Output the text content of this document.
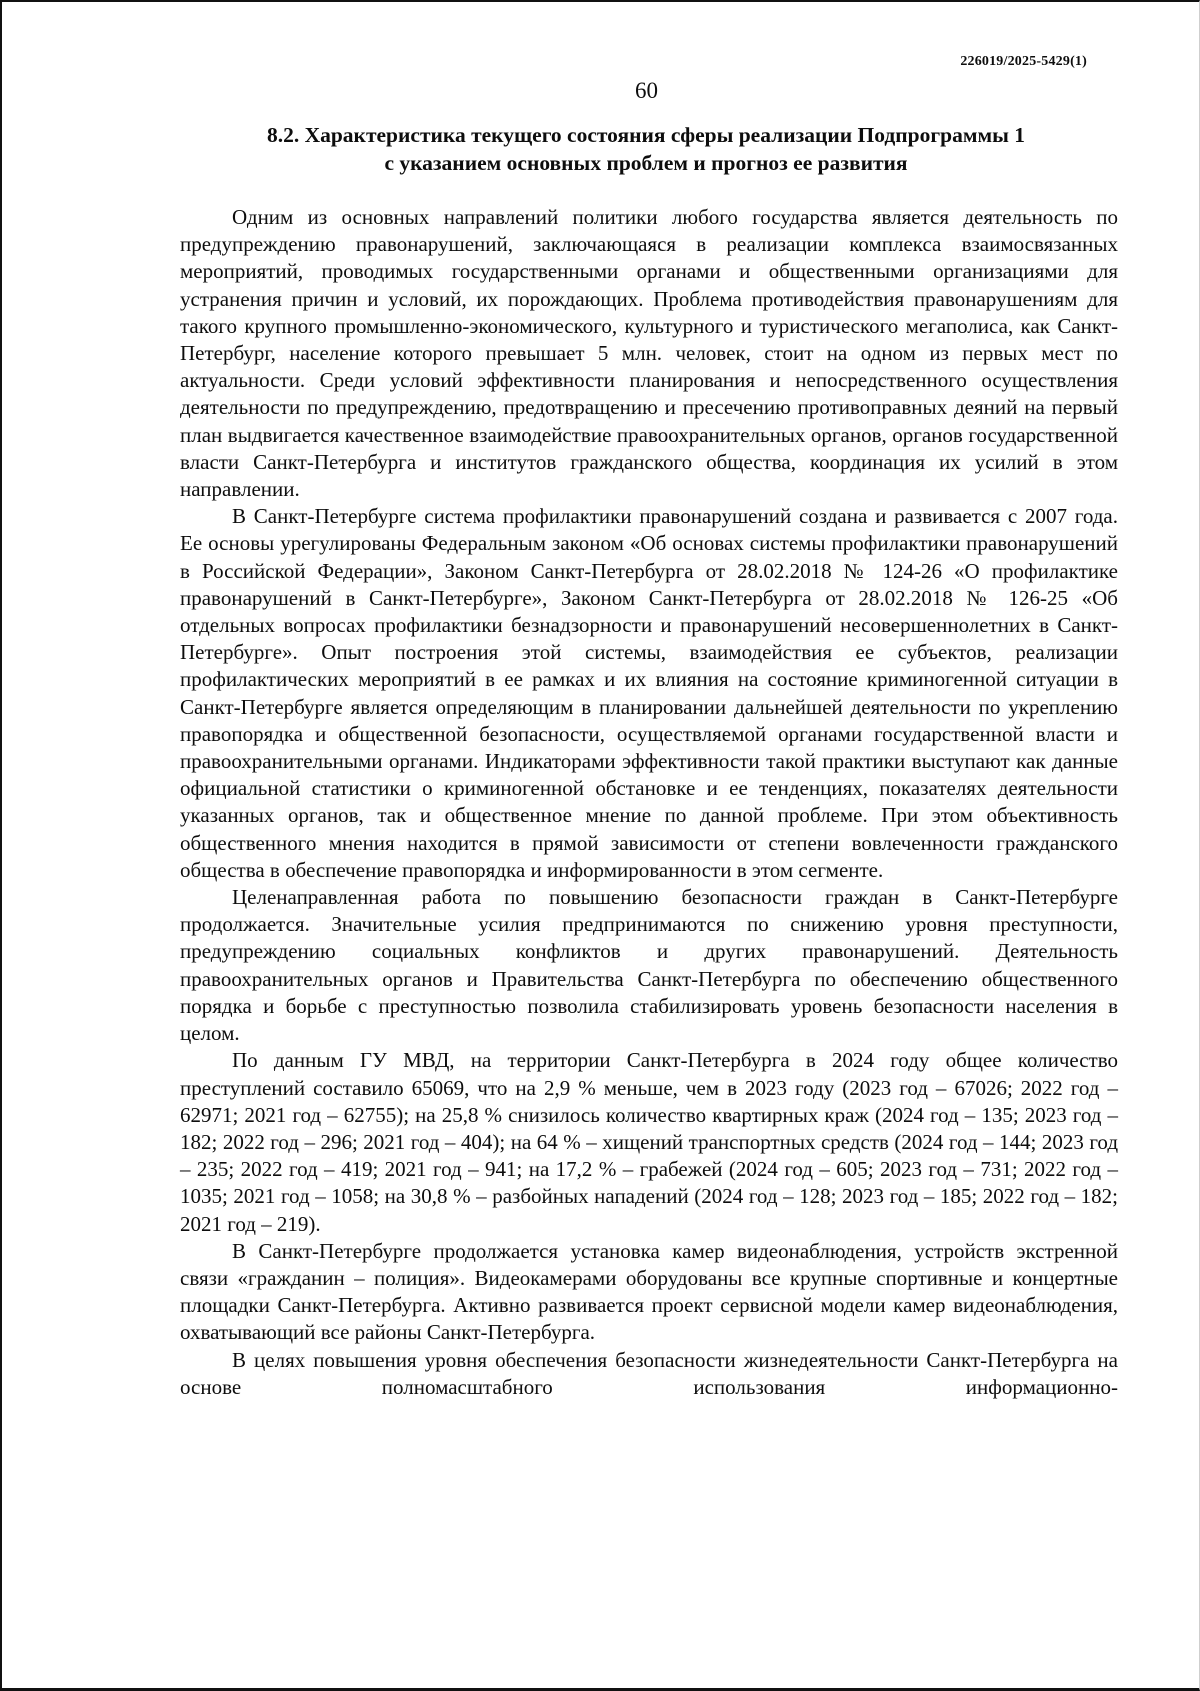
226019/2025-5429(1)
60
8.2. Характеристика текущего состояния сферы реализации Подпрограммы 1
с указанием основных проблем и прогноз ее развития

Одним из основных направлений политики любого государства является деятельность по предупреждению правонарушений, заключающаяся в реализации комплекса взаимосвязанных мероприятий, проводимых государственными органами и общественными организациями для устранения причин и условий, их порождающих. Проблема противодействия правонарушениям для такого крупного промышленно-экономического, культурного и туристического мегаполиса, как Санкт-Петербург, население которого превышает 5 млн. человек, стоит на одном из первых мест по актуальности. Среди условий эффективности планирования и непосредственного осуществления деятельности по предупреждению, предотвращению и пресечению противоправных деяний на первый план выдвигается качественное взаимодействие правоохранительных органов, органов государственной власти Санкт-Петербурга и институтов гражданского общества, координация их усилий в этом направлении.

В Санкт-Петербурге система профилактики правонарушений создана и развивается с 2007 года. Ее основы урегулированы Федеральным законом «Об основах системы профилактики правонарушений в Российской Федерации», Законом Санкт-Петербурга от 28.02.2018 № 124-26 «О профилактике правонарушений в Санкт-Петербурге», Законом Санкт-Петербурга от 28.02.2018 № 126-25 «Об отдельных вопросах профилактики безнадзорности и правонарушений несовершеннолетних в Санкт-Петербурге». Опыт построения этой системы, взаимодействия ее субъектов, реализации профилактических мероприятий в ее рамках и их влияния на состояние криминогенной ситуации в Санкт-Петербурге является определяющим в планировании дальнейшей деятельности по укреплению правопорядка и общественной безопасности, осуществляемой органами государственной власти и правоохранительными органами. Индикаторами эффективности такой практики выступают как данные официальной статистики о криминогенной обстановке и ее тенденциях, показателях деятельности указанных органов, так и общественное мнение по данной проблеме. При этом объективность общественного мнения находится в прямой зависимости от степени вовлеченности гражданского общества в обеспечение правопорядка и информированности в этом сегменте.

Целенаправленная работа по повышению безопасности граждан в Санкт-Петербурге продолжается. Значительные усилия предпринимаются по снижению уровня преступности, предупреждению социальных конфликтов и других правонарушений. Деятельность правоохранительных органов и Правительства Санкт-Петербурга по обеспечению общественного порядка и борьбе с преступностью позволила стабилизировать уровень безопасности населения в целом.

По данным ГУ МВД, на территории Санкт-Петербурга в 2024 году общее количество преступлений составило 65069, что на 2,9 % меньше, чем в 2023 году (2023 год – 67026; 2022 год – 62971; 2021 год – 62755); на 25,8 % снизилось количество квартирных краж (2024 год – 135; 2023 год – 182; 2022 год – 296; 2021 год – 404); на 64 % – хищений транспортных средств (2024 год – 144; 2023 год – 235; 2022 год – 419; 2021 год – 941; на 17,2 % – грабежей (2024 год – 605; 2023 год – 731; 2022 год – 1035; 2021 год – 1058; на 30,8 % – разбойных нападений (2024 год – 128; 2023 год – 185; 2022 год – 182; 2021 год – 219).

В Санкт-Петербурге продолжается установка камер видеонаблюдения, устройств экстренной связи «гражданин – полиция». Видеокамерами оборудованы все крупные спортивные и концертные площадки Санкт-Петербурга. Активно развивается проект сервисной модели камер видеонаблюдения, охватывающий все районы Санкт-Петербурга.

В целях повышения уровня обеспечения безопасности жизнедеятельности Санкт-Петербурга на основе полномасштабного использования информационно-
